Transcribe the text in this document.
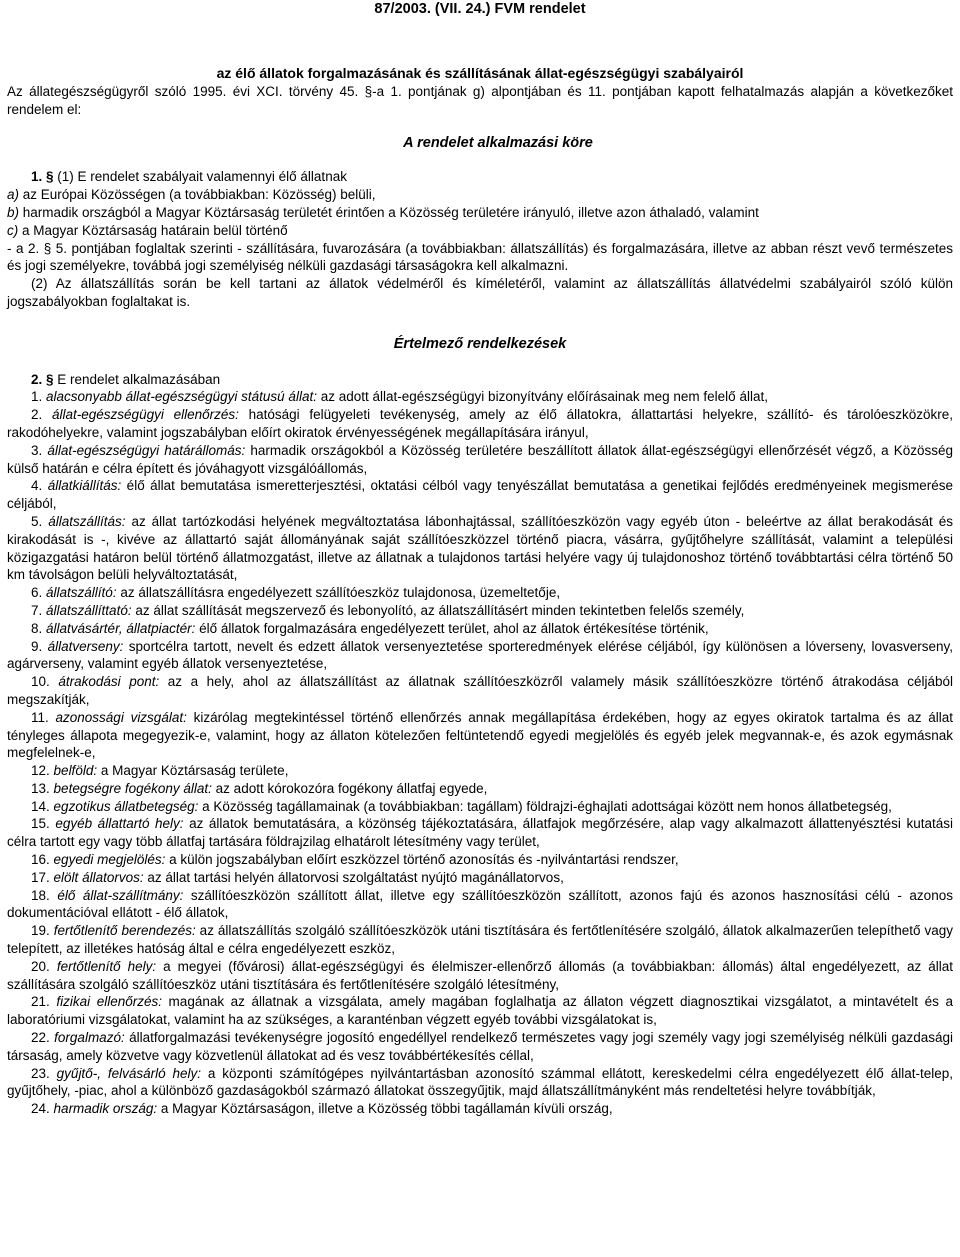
87/2003. (VII. 24.) FVM rendelet

az élő állatok forgalmazásának és szállításának állat-egészségügyi szabályairól

Az állategészségügyről szóló 1995. évi XCI. törvény 45. §-a 1. pontjának g) alpontjában és 11. pontjában kapott felhatalmazás alapján a következőket rendelem el:

A rendelet alkalmazási köre

1. § (1) E rendelet szabályait valamennyi élő állatnak

a) az Európai Közösségen (a továbbiakban: Közösség) belüli,

b) harmadik országból a Magyar Köztársaság területét érintően a Közösség területére irányuló, illetve azon áthaladó, valamint

c) a Magyar Köztársaság határain belül történő

- a 2. § 5. pontjában foglaltak szerinti - szállítására, fuvarozására (a továbbiakban: állatszállítás) és forgalmazására, illetve az abban részt vevő természetes és jogi személyekre, továbbá jogi személyiség nélküli gazdasági társaságokra kell alkalmazni.

(2) Az állatszállítás során be kell tartani az állatok védelméről és kíméletéről, valamint az állatszállítás állatvédelmi szabályairól szóló külön jogszabályokban foglaltakat is.

Értelmező rendelkezések

2. § E rendelet alkalmazásában

1. alacsonyabb állat-egészségügyi státusú állat: az adott állat-egészségügyi bizonyítvány előírásainak meg nem felelő állat,

2. állat-egészségügyi ellenőrzés: hatósági felügyeleti tevékenység, amely az élő állatokra, állattartási helyekre, szállító- és tárolóeszközökre, rakodóhelyekre, valamint jogszabályban előírt okiratok érvényességének megállapítására irányul,

3. állat-egészségügyi határállomás: harmadik országokból a Közösség területére beszállított állatok állat-egészségügyi ellenőrzését végző, a Közösség külső határán e célra épített és jóváhagyott vizsgálóállomás,

4. állatkiállítás: élő állat bemutatása ismeretterjesztési, oktatási célból vagy tenyészállat bemutatása a genetikai fejlődés eredményeinek megismerése céljából,

5. állatszállítás: az állat tartózkodási helyének megváltoztatása lábonhajtással, szállítóeszközön vagy egyéb úton - beleértve az állat berakodását és kirakodását is -, kivéve az állattartó saját állományának saját szállítóeszközzel történő piacra, vásárra, gyűjtőhelyre szállítását, valamint a települési közigazgatási határon belül történő állatmozgatást, illetve az állatnak a tulajdonos tartási helyére vagy új tulajdonoshoz történő továbbtartási célra történő 50 km távolságon belüli helyváltoztatását,

6. állatszállító: az állatszállításra engedélyezett szállítóeszköz tulajdonosa, üzemeltetője,

7. állatszállíttató: az állat szállítását megszervező és lebonyolító, az állatszállításért minden tekintetben felelős személy,

8. állatvásártér, állatpiactér: élő állatok forgalmazására engedélyezett terület, ahol az állatok értékesítése történik,

9. állatverseny: sportcélra tartott, nevelt és edzett állatok versenyeztetése sporteredmények elérése céljából, így különösen a lóverseny, lovasverseny, agárverseny, valamint egyéb állatok versenyeztetése,

10. átrakodási pont: az a hely, ahol az állatszállítást az állatnak szállítóeszközről valamely másik szállítóeszközre történő átrakodása céljából megszakítják,

11. azonossági vizsgálat: kizárólag megtekintéssel történő ellenőrzés annak megállapítása érdekében, hogy az egyes okiratok tartalma és az állat tényleges állapota megegyezik-e, valamint, hogy az állaton kötelezően feltüntetendő egyedi megjelölés és egyéb jelek megvannak-e, és azok egymásnak megfelelnek-e,

12. belföld: a Magyar Köztársaság területe,

13. betegségre fogékony állat: az adott kórokozóra fogékony állatfaj egyede,

14. egzotikus állatbetegség: a Közösség tagállamainak (a továbbiakban: tagállam) földrajzi-éghajlati adottságai között nem honos állatbetegség,

15. egyéb állattartó hely: az állatok bemutatására, a közönség tájékoztatására, állatfajok megőrzésére, alap vagy alkalmazott állattenyésztési kutatási célra tartott egy vagy több állatfaj tartására földrajzilag elhatárolt létesítmény vagy terület,

16. egyedi megjelölés: a külön jogszabályban előírt eszközzel történő azonosítás és -nyilvántartási rendszer,

17. elölt állatorvos: az állat tartási helyén állatorvosi szolgáltatást nyújtó magánállatorvos,

18. élő állat-szállítmány: szállítóeszközön szállított állat, illetve egy szállítóeszközön szállított, azonos fajú és azonos hasznosítási célú - azonos dokumentációval ellátott - élő állatok,

19. fertőtlenítő berendezés: az állatszállítás szolgáló szállítóeszközök utáni tisztítására és fertőtlenítésére szolgáló, állatok alkalmazerűen telepíthető vagy telepített, az illetékes hatóság által e célra engedélyezett eszköz,

20. fertőtlenítő hely: a megyei (fővárosi) állat-egészségügyi és élelmiszer-ellenőrző állomás (a továbbiakban: állomás) által engedélyezett, az állat szállítására szolgáló szállítóeszköz utáni tisztítására és fertőtlenítésére szolgáló létesítmény,

21. fizikai ellenőrzés: magának az állatnak a vizsgálata, amely magában foglalhatja az állaton végzett diagnosztikai vizsgálatot, a mintavételt és a laboratóriumi vizsgálatokat, valamint ha az szükséges, a karanténban végzett egyéb további vizsgálatokat is,

22. forgalmazó: állatforgalmazási tevékenységre jogosító engedéllyel rendelkező természetes vagy jogi személy vagy jogi személyiség nélküli gazdasági társaság, amely közvetve vagy közvetlenül állatokat ad és vesz továbbértékesítés céllal,

23. gyűjtő-, felvásárló hely: a központi számítógépes nyilvántartásban azonosító számmal ellátott, kereskedelmi célra engedélyezett élő állat-telep, gyűjtőhely, -piac, ahol a különböző gazdaságokból származó állatokat összegyűjtik, majd állatszállítmányként más rendeltetési helyre továbbítják,

24. harmadik ország: a Magyar Köztársaságon, illetve a Közösség többi tagállamán kívüli ország,
